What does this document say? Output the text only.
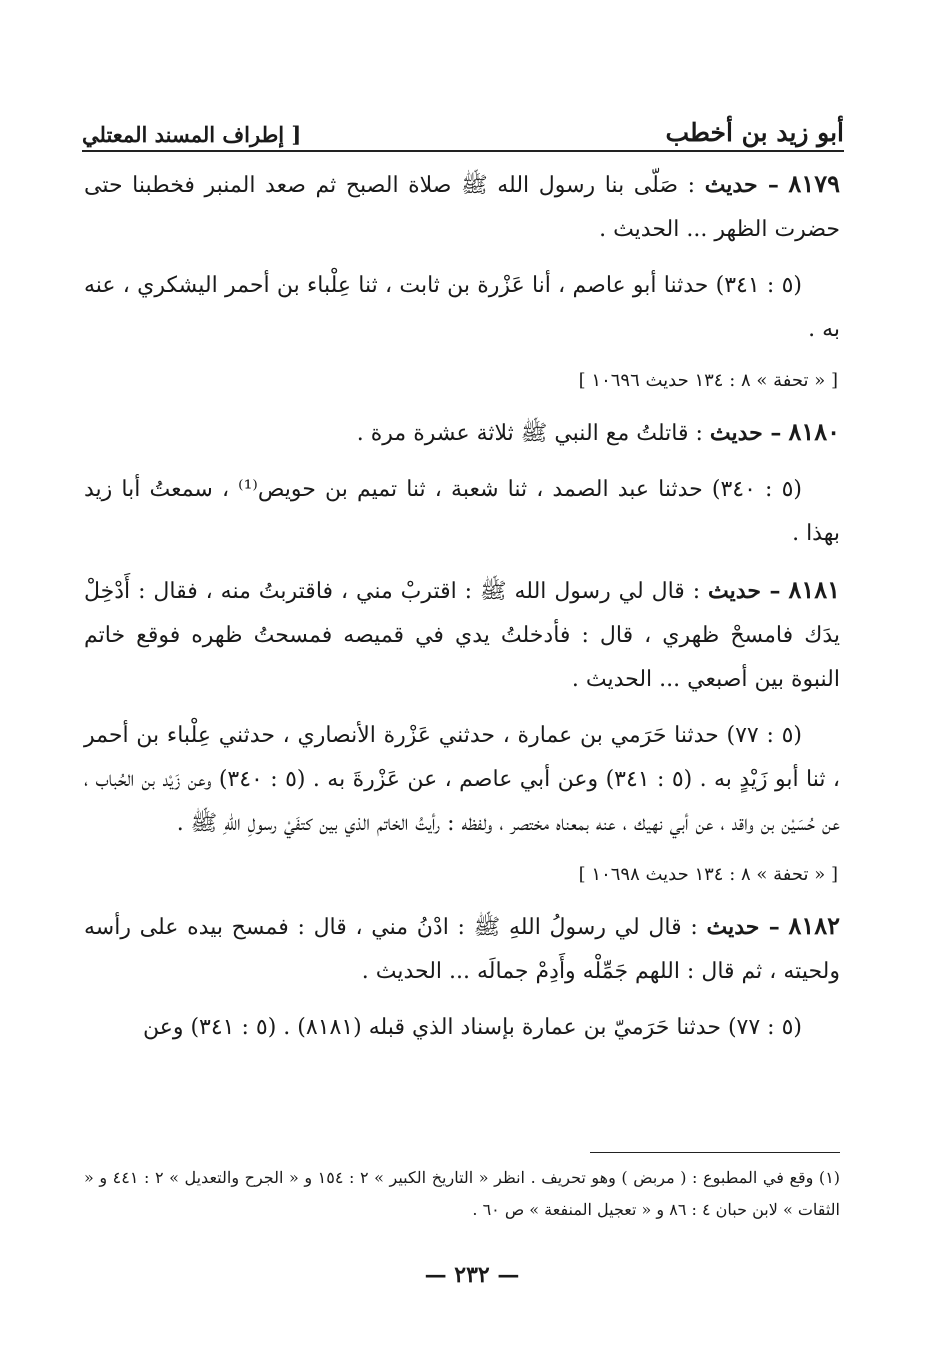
أبو زيد بن أخطب
[ إطراف المسند المعتلي

٨١٧٩ – حديث : صَلّى بنا رسول الله ﷺ صلاة الصبح ثم صعد المنبر فخطبنا حتى حضرت الظهر ... الحديث .

(٥ : ٣٤١) حدثنا أبو عاصم ، أنا عَزْرة بن ثابت ، ثنا عِلْباء بن أحمر اليشكري ، عنه به .

[ « تحفة » ٨ : ١٣٤ حديث ١٠٦٩٦ ]

٨١٨٠ – حديث : قاتلتُ مع النبي ﷺ ثلاثة عشرة مرة .

(٥ : ٣٤٠) حدثنا عبد الصمد ، ثنا شعبة ، ثنا تميم بن حويص⁽¹⁾ ، سمعتُ أبا زيد بهذا .

٨١٨١ – حديث : قال لي رسول الله ﷺ : اقتربْ مني ، فاقتربتُ منه ، فقال : أَدْخِلْ يدَك فامسحْ ظهري ، قال : فأدخلتُ يدي في قميصه فمسحتُ ظهره فوقع خاتم النبوة بين أصبعي ... الحديث .

(٥ : ٧٧) حدثنا حَرَمي بن عمارة ، حدثني عَزْرة الأنصاري ، حدثني عِلْباء بن أحمر ، ثنا أبو زَيْدٍ به . (٥ : ٣٤١) وعن أبي عاصم ، عن عَزْرةَ به . (٥ : ٣٤٠) وعن زَيْد بن الحُباب ، عن حُسَيْن بن واقد ، عن أبي نهيك ، عنه بمعناه مختصر ، ولفظه : رأيتُ الخاتم الذي بين كتفَيْ رسولِ اللهِ ﷺ .

[ « تحفة » ٨ : ١٣٤ حديث ١٠٦٩٨ ]

٨١٨٢ – حديث : قال لي رسولُ اللهِ ﷺ : ادْنُ مني ، قال : فمسح بيده على رأسه ولحيته ، ثم قال : اللهم جَمِّلْه وأَدِمْ جمالَه ... الحديث .

(٥ : ٧٧) حدثنا حَرَميّ بن عمارة بإسناد الذي قبله (٨١٨١) . (٥ : ٣٤١) وعن

(١) وقع في المطبوع : ( مربض ) وهو تحريف . انظر « التاريخ الكبير » ٢ : ١٥٤ و « الجرح والتعديل » ٢ : ٤٤١ و « الثقات » لابن حبان ٤ : ٨٦ و « تعجيل المنفعة » ص ٦٠ .

— ٢٣٢ —
